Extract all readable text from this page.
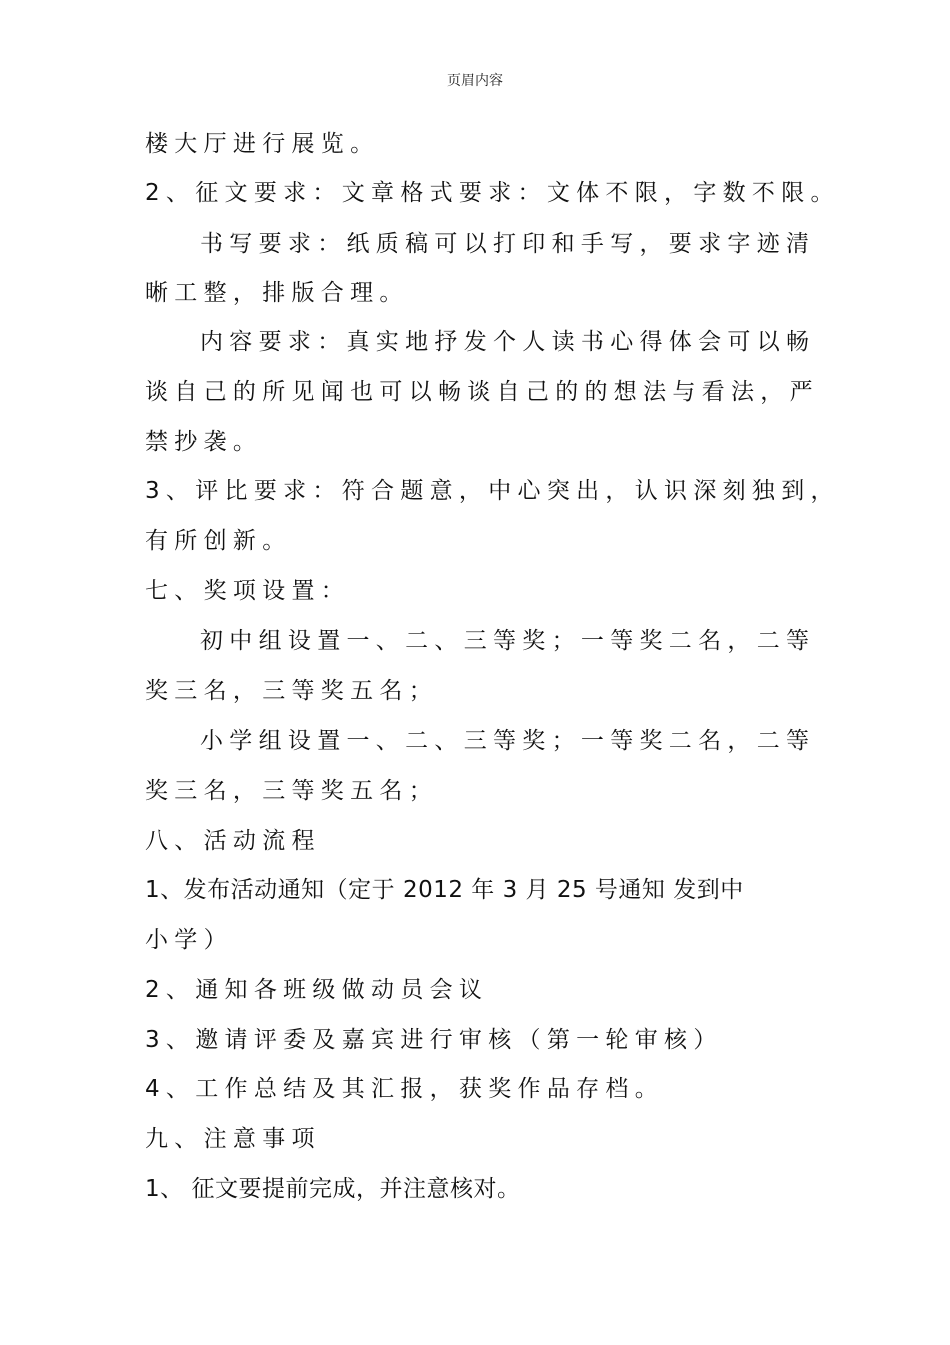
页眉内容
楼大厅进行展览。
2、征文要求：文章格式要求：文体不限，字数不限。
书写要求：纸质稿可以打印和手写，要求字迹清
晰工整，排版合理。
内容要求：真实地抒发个人读书心得体会可以畅
谈自己的所见闻也可以畅谈自己的的想法与看法，严
禁抄袭。
3、评比要求：符合题意，中心突出，认识深刻独到，
有所创新。
七、奖项设置：
初中组设置一、二、三等奖；一等奖二名，二等
奖三名，三等奖五名；
小学组设置一、二、三等奖；一等奖二名，二等
奖三名，三等奖五名；
八、活动流程
1、发布活动通知（定于 2012 年 3 月 25 号通知 发到中
小学）
2、通知各班级做动员会议
3、邀请评委及嘉宾进行审核（第一轮审核）
4、工作总结及其汇报，获奖作品存档。
九、注意事项
1、 征文要提前完成，并注意核对。
